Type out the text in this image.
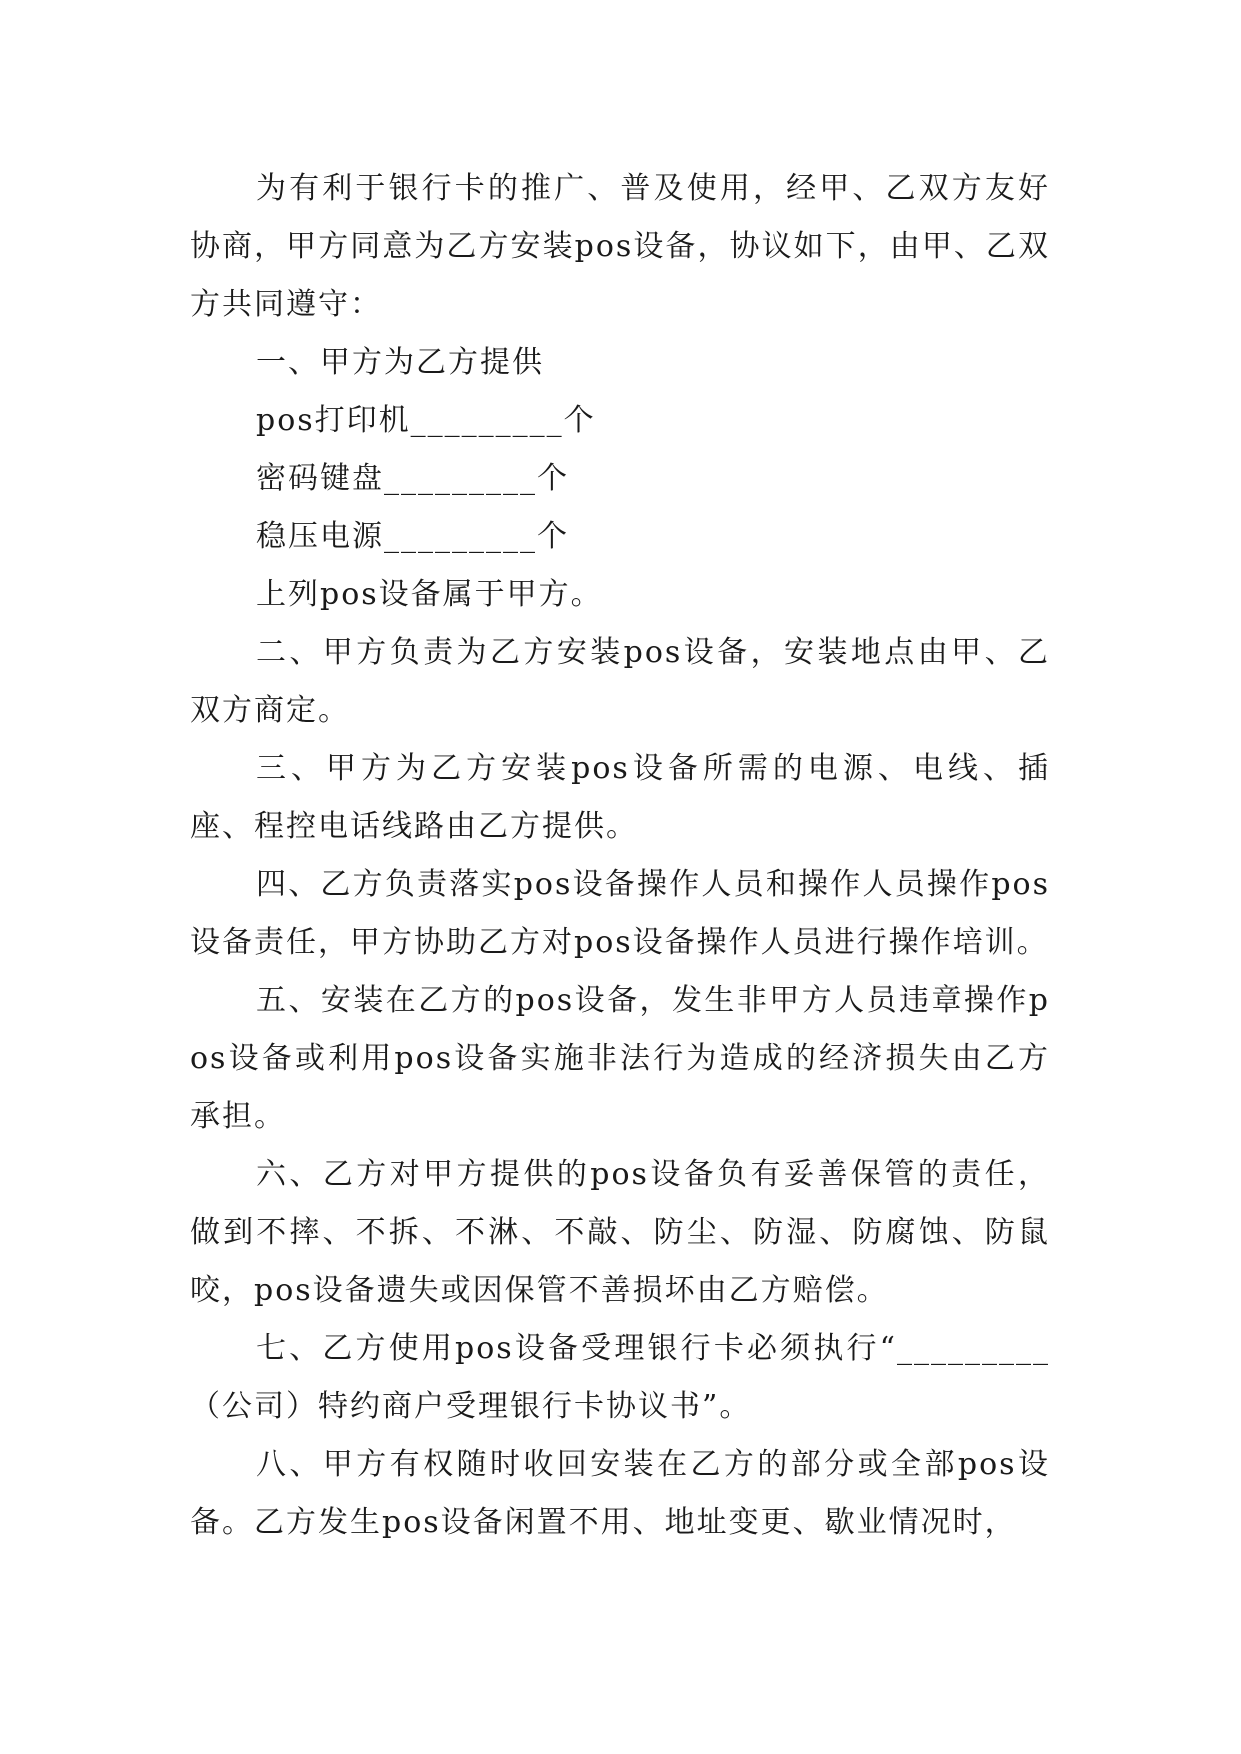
为有利于银行卡的推广、普及使用，经甲、乙双方友好协商，甲方同意为乙方安装pos设备，协议如下，由甲、乙双方共同遵守：

一、甲方为乙方提供

pos打印机_________个

密码键盘_________个

稳压电源_________个

上列pos设备属于甲方。

二、甲方负责为乙方安装pos设备，安装地点由甲、乙双方商定。

三、甲方为乙方安装pos设备所需的电源、电线、插座、程控电话线路由乙方提供。

四、乙方负责落实pos设备操作人员和操作人员操作pos设备责任，甲方协助乙方对pos设备操作人员进行操作培训。

五、安装在乙方的pos设备，发生非甲方人员违章操作pos设备或利用pos设备实施非法行为造成的经济损失由乙方承担。

六、乙方对甲方提供的pos设备负有妥善保管的责任，做到不摔、不拆、不淋、不敲、防尘、防湿、防腐蚀、防鼠咬，pos设备遗失或因保管不善损坏由乙方赔偿。

七、乙方使用pos设备受理银行卡必须执行“_________（公司）特约商户受理银行卡协议书”。

八、甲方有权随时收回安装在乙方的部分或全部pos设备。乙方发生pos设备闲置不用、地址变更、歇业情况时，
